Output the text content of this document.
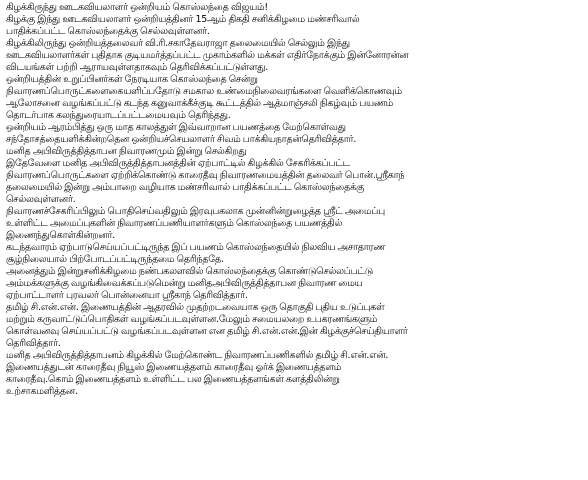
கிழக்கிருந்து ஊடகவியலாளர் ஒன்றியம் கொஸ்லந்தை விஜயம்!
கிழக்கு இந்து ஊடகவியலாளர் ஒன்றியத்தினர் 15ஆம் திகதி சனிக்கிழமை மண்சரிவால்
பாதிக்கப்பட்ட கொஸ்லந்தைக்கு செல்லவுள்ளனர்.

கிழக்கிலிருந்து ஒன்றியத்தலைவர் வி.ரி.சகாதேவராஜா தலைமையில் செல்லும் இந்து
ஊடகவியலாளர்கள் புதிதாக குடியமர்த்தப்பட்ட முகாம்களில் மக்கள் எதிர்நோக்கும் இன்னோரன்ன
விடயங்கள் பற்றி ஆராயவுள்ளதாகவும் தெரிவிக்கப்பட்டுள்ளது.

ஒன்றியத்தின் உறுப்பினர்கள் நேரடியாக கொஸ்லந்தை சென்று
நிவாரணப்பொருட்களைகையளிப்பதோடு சமகால உண்மைநிலைவரங்களை வெளிக்கொணவும்
ஆலோசனை வழங்கப்பட்டு கடந்த கனுவாக்கீச்குடி கூட்டத்தில் ஆத்மாஞ்சலி நிகழ்வும் பயணம்
தொடர்பாக கலந்துரையாடப்பட்டமையவும் தெரிந்தது.

ஒன்றியம் ஆரம்பித்து ஒரு மாத காலத்துள் இவ்வாறான பயணத்தை மேற்கொள்வது
சந்தோசத்தையளிக்கின்றதென ஒன்றியச்செயலாளர் சிவம் பாக்கியநாதன்தெரிவித்தார்.

மனித அபிவிருத்தித்தாபன நிவாரணமும் இன்று செல்கிறது

இதேவேளை மனித அபிவிருத்தித்தாபனத்தின் ஏற்பாட்டில் கிழக்கில் சேகரிக்கப்பட்ட
நிவாரணப்பொருட்களை ஏற்றிக்கொண்டு காரைதீவு நிவாரணமையத்தின் தலைவர் பொன்.ஸ்ரீகாந்
தலைமையில் இன்று அம்பாறை வழியாக மண்சரிவால் பாதிக்கப்பட்ட கொஸ்லந்தைக்கு
செல்லவுள்ளனர்.

நிவாரணச்சேகரிப்பிலும் பொதிசெய்வதிலும் இரவுபகலாக முன்னின்றுழைத்த ஸ்ரீட் அமைப்பு
உள்ளிட்ட அமைப்புகளின் நிவாரணப்பணியாளர்களும் கொஸ்லந்தை பயணத்தில்
இணைந்துகொள்கின்றனர்.

கடந்தவாரம் ஏற்பாடுசெய்யப்பட்டிருந்த இப் பயணம் கொஸ்லந்தையில் நிலவிய அசாதாரண
சூழ்நிலையால் பிற்போடப்பட்டிருந்தமை தெரிந்ததே.

அனைத்தும் இன்றுசனிக்கிழமை நண்பகலளவில் கொஸ்லந்தைக்கு கொண்டுசெல்லப்பட்டு
அம்மக்களுக்கு வழங்கிவைக்கப்படுமென்று மனிதஅபிவிருத்தித்தாபன நிவாரண மைய
ஏற்பாட்டாளர் புரவலர் பொன்னையா ஸ்ரீகாந் தெரிவித்தார்.

தமிழ் சி.என்.என். இணையத்தின் ஆதரவில் முதற்றடவையாக ஒரு தொகுதி புதிய உடுப்புகள்
மற்றும் கருவாட்டுப்பொதிகள் வழங்கப்படவுள்ளன.மேலும் சமையலறை உபகரணங்களும்
கொள்வனவு செய்யப்பட்டு வழங்கப்படவுள்ளன என தமிழ் சி.என்.என்.இன் கிழக்குச்செய்தியாளர்
தெரிவித்தார்.

மனித அபிவிருத்தித்தாபனம் கிழக்கில் மேற்கொண்ட நிவாரணப்பணிகளில் தமிழ் சி.என்.என்.
இணையத்துடன் காரைதீவு நியூஸ் இணையத்தளம் காரைதீவு ஓர்க் இணையத்தளம்
காரைதீவு.கொம் இணையத்தளம் உள்ளிட்ட பல இணையத்தளங்கள் களத்திலின்று
உற்சாகமளித்தன.
